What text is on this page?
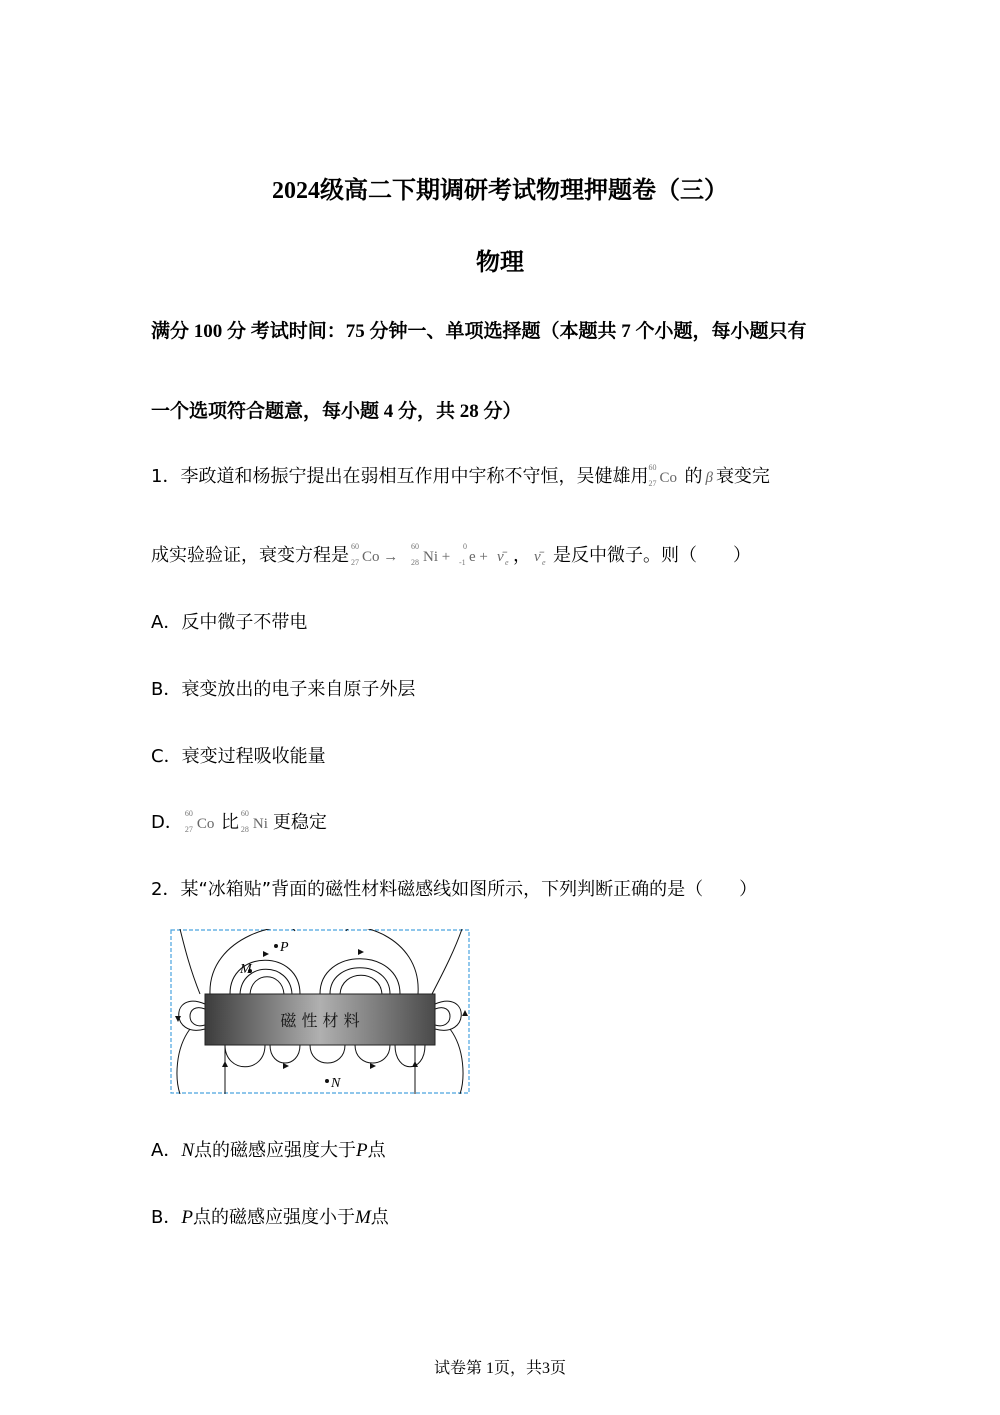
2024级高二下期调研考试物理押题卷（三）
物理
满分 100 分 考试时间：75 分钟一、单项选择题（本题共 7 个小题，每小题只有
一个选项符合题意，每小题 4 分，共 28 分）
1．李政道和杨振宁提出在弱相互作用中宇称不守恒，吴健雄用 60
27 Co 的 β 衰变完
成实验验证，衰变方程是 60
27 Co →
60
28 Ni +
0
-1 e + ν̄ e ， ν̄ e 是反中微子。则（　　）
A．反中微子不带电
B．衰变放出的电子来自原子外层
C．衰变过程吸收能量
D． 60
27 Co 比 60
28 Ni 更稳定
2．某“冰箱贴”背面的磁性材料磁感线如图所示，下列判断正确的是（　　）
磁 性 材 料
P
M
N
A．N点的磁感应强度大于P点
B．P点的磁感应强度小于M点
试卷第 1页，共3页
